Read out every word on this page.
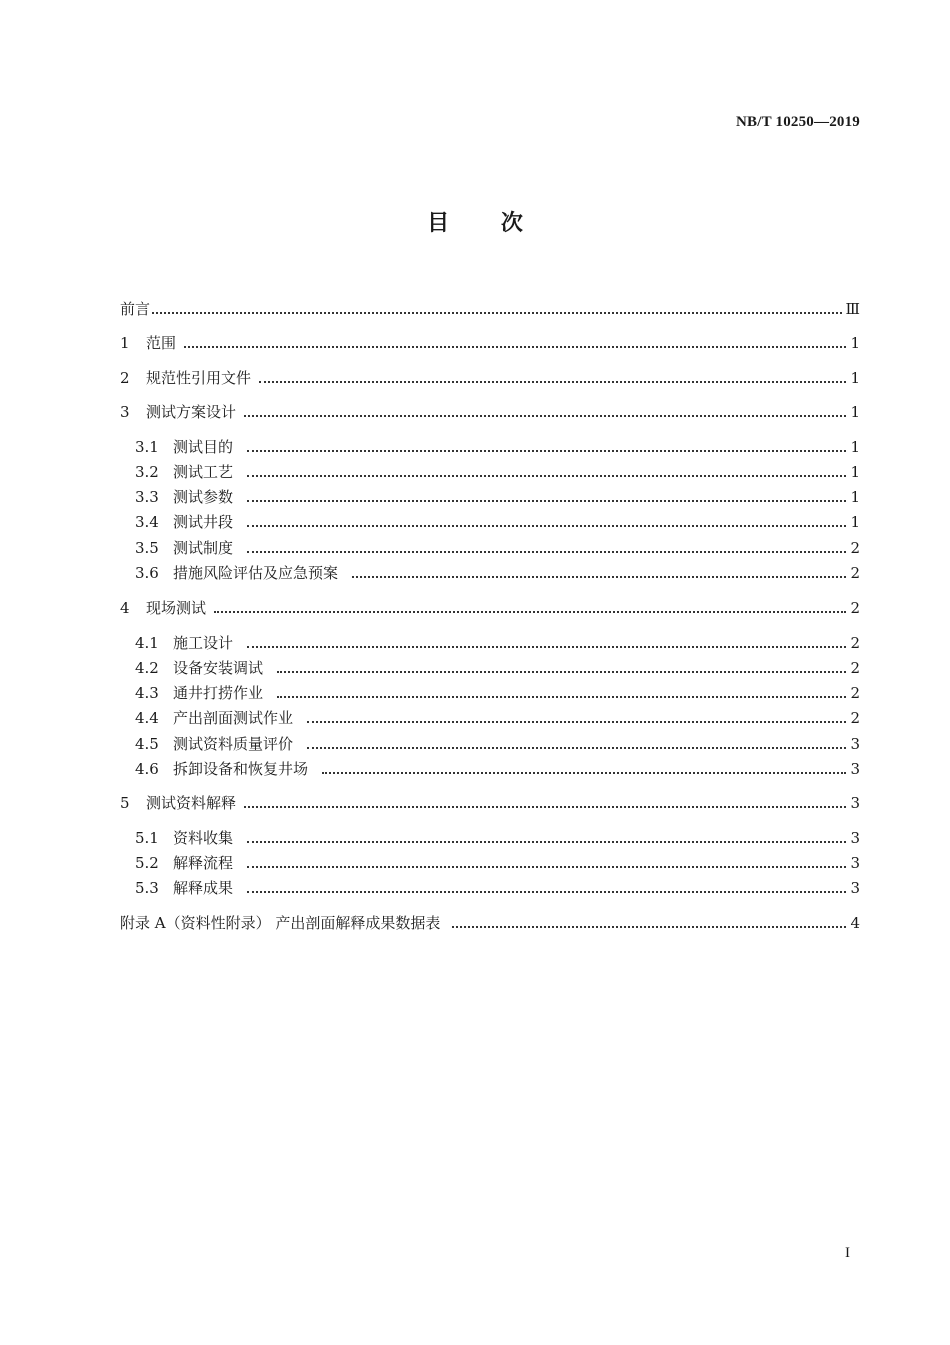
NB/T 10250—2019
目 次
前言	Ⅲ
1	范围	1
2	规范性引用文件	1
3	测试方案设计	1
3.1 测试目的	1
3.2 测试工艺	1
3.3 测试参数	1
3.4 测试井段	1
3.5 测试制度	2
3.6 措施风险评估及应急预案	2
4	现场测试	2
4.1 施工设计	2
4.2 设备安装调试	2
4.3 通井打捞作业	2
4.4 产出剖面测试作业	2
4.5 测试资料质量评价	3
4.6 拆卸设备和恢复井场	3
5	测试资料解释	3
5.1 资料收集	3
5.2 解释流程	3
5.3 解释成果	3
附录 A（资料性附录） 产出剖面解释成果数据表	4
I
